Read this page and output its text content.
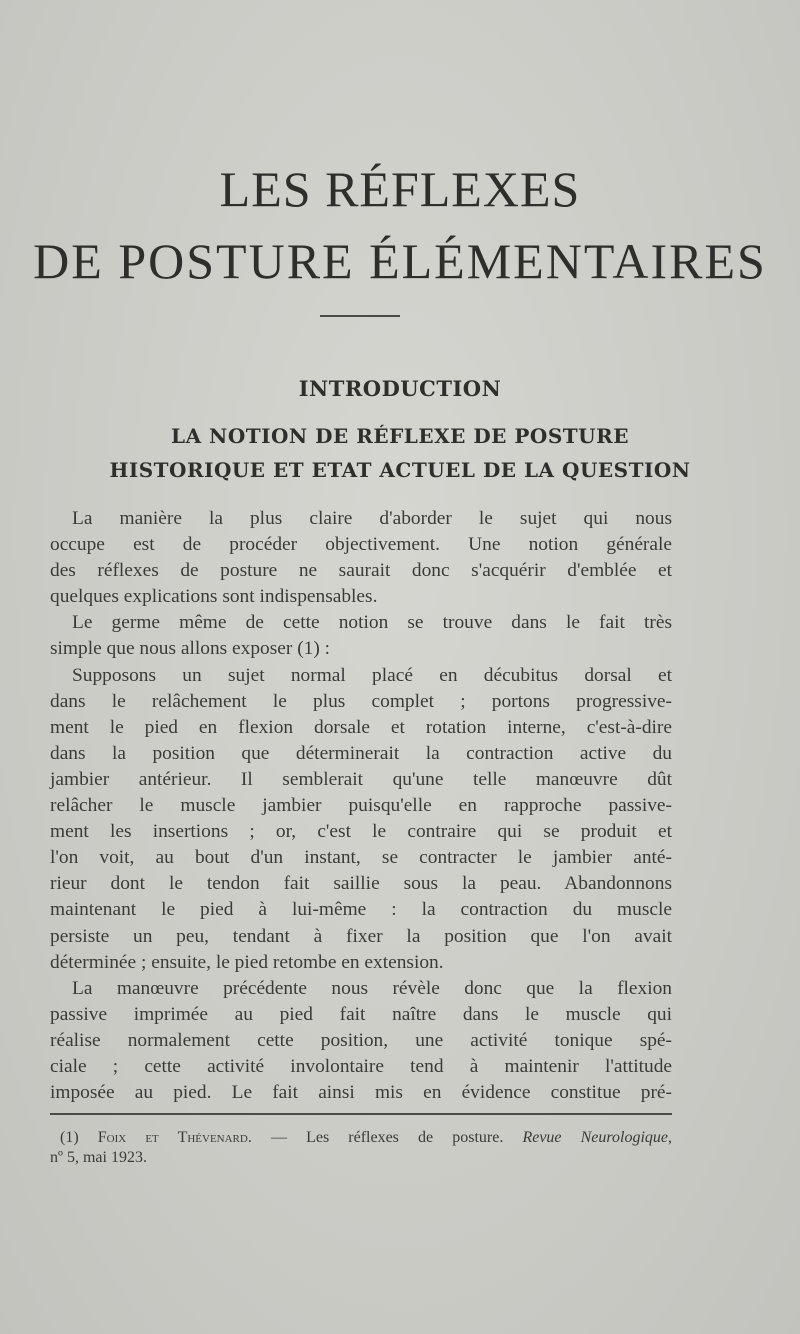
LES RÉFLEXES
DE POSTURE ÉLÉMENTAIRES
INTRODUCTION
LA NOTION DE RÉFLEXE DE POSTURE
HISTORIQUE ET ETAT ACTUEL DE LA QUESTION
La manière la plus claire d'aborder le sujet qui nous
occupe est de procéder objectivement. Une notion générale
des réflexes de posture ne saurait donc s'acquérir d'emblée et
quelques explications sont indispensables.
Le germe même de cette notion se trouve dans le fait très
simple que nous allons exposer (1) :
Supposons un sujet normal placé en décubitus dorsal et
dans le relâchement le plus complet ; portons progressive-
ment le pied en flexion dorsale et rotation interne, c'est-à-dire
dans la position que déterminerait la contraction active du
jambier antérieur. Il semblerait qu'une telle manœuvre dût
relâcher le muscle jambier puisqu'elle en rapproche passive-
ment les insertions ; or, c'est le contraire qui se produit et
l'on voit, au bout d'un instant, se contracter le jambier anté-
rieur dont le tendon fait saillie sous la peau. Abandonnons
maintenant le pied à lui-même : la contraction du muscle
persiste un peu, tendant à fixer la position que l'on avait
déterminée ; ensuite, le pied retombe en extension.
La manœuvre précédente nous révèle donc que la flexion
passive imprimée au pied fait naître dans le muscle qui
réalise normalement cette position, une activité tonique spé-
ciale ; cette activité involontaire tend à maintenir l'attitude
imposée au pied. Le fait ainsi mis en évidence constitue pré-
(1) Foix et Thévenard. — Les réflexes de posture. Revue Neurologique,
nº 5, mai 1923.
